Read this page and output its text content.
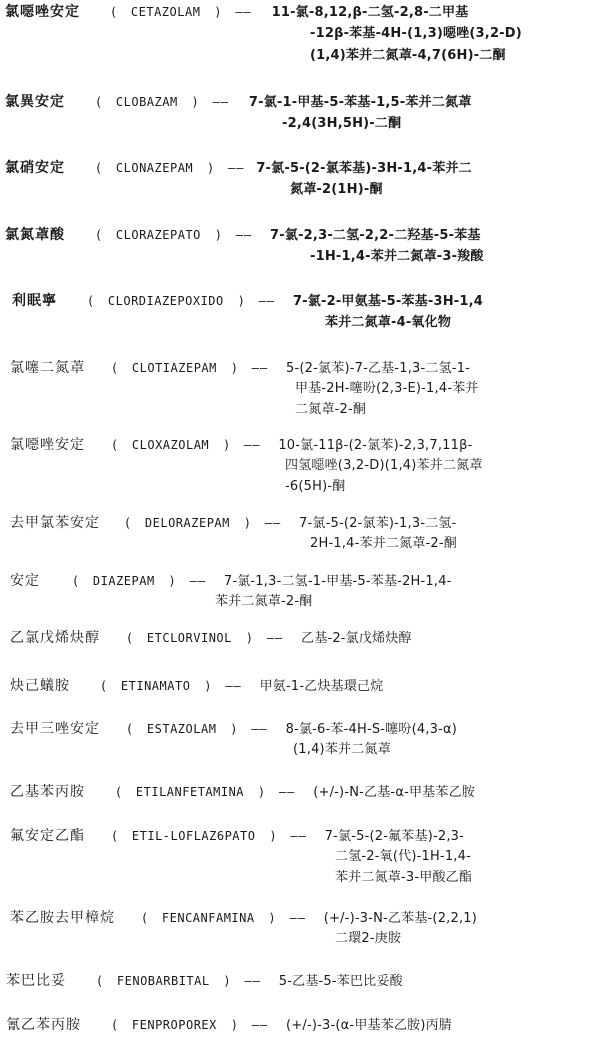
氯噁唑安定 ( CETAZOLAM ) —— 11-氯-8,12,β-二氢-2,8-二甲基
-12β-苯基-4H-(1,3)噁唑(3,2-D)
(1,4)苯并二氮䓬-4,7(6H)-二酮
氯異安定 ( CLOBAZAM ) —— 7-氯-1-甲基-5-苯基-1,5-苯并二氮䓬
-2,4(3H,5H)-二酮
氯硝安定 ( CLONAZEPAM ) —— 7-氯-5-(2-氯苯基)-3H-1,4-苯并二
氮䓬-2(1H)-酮
氯氮䓬酸 ( CLORAZEPATO ) —— 7-氯-2,3-二氢-2,2-二羟基-5-苯基
-1H-1,4-苯并二氮䓬-3-羧酸
利眠寧 ( CLORDIAZEPOXIDO ) —— 7-氯-2-甲氨基-5-苯基-3H-1,4
苯并二氮䓬-4-氧化物
氯噻二氮䓬 ( CLOTIAZEPAM ) —— 5-(2-氯苯)-7-乙基-1,3-二氢-1-
甲基-2H-噻吩(2,3-E)-1,4-苯并
二氮䓬-2-酮
氯噁唑安定 ( CLOXAZOLAM ) —— 10-氯-11β-(2-氯苯)-2,3,7,11β-
四氢噁唑(3,2-D)(1,4)苯并二氮䓬
-6(5H)-酮
去甲氯苯安定 ( DELORAZEPAM ) —— 7-氯-5-(2-氯苯)-1,3-二氢-
2H-1,4-苯并二氮䓬-2-酮
安定	( DIAZEPAM ) —— 7-氯-1,3-二氢-1-甲基-5-苯基-2H-1,4-
苯并二氮䓬-2-酮
乙氯戊烯炔醇 ( ETCLORVINOL ) —— 乙基-2-氯戊烯炔醇
炔己蟻胺 ( ETINAMATO ) —— 甲氨-1-乙炔基環己烷
去甲三唑安定 ( ESTAZOLAM ) —— 8-氯-6-苯-4H-S-噻吩(4,3-α)
(1,4)苯并二氮䓬
乙基苯丙胺 ( ETILANFETAMINA ) —— (+/-)-N-乙基-α-甲基苯乙胺
氟安定乙酯 ( ETIL-LOFLAZ6PATO ) —— 7-氯-5-(2-氟苯基)-2,3-
二氢-2-氧(代)-1H-1,4-
苯并二氮䓬-3-甲酸乙酯
苯乙胺去甲樟烷 ( FENCANFAMINA ) —— (+/-)-3-N-乙苯基-(2,2,1)
二環2-庚胺
苯巴比妥 ( FENOBARBITAL ) —— 5-乙基-5-苯巴比妥酸
氰乙苯丙胺 ( FENPROPOREX ) —— (+/-)-3-(α-甲基苯乙胺)丙腈
